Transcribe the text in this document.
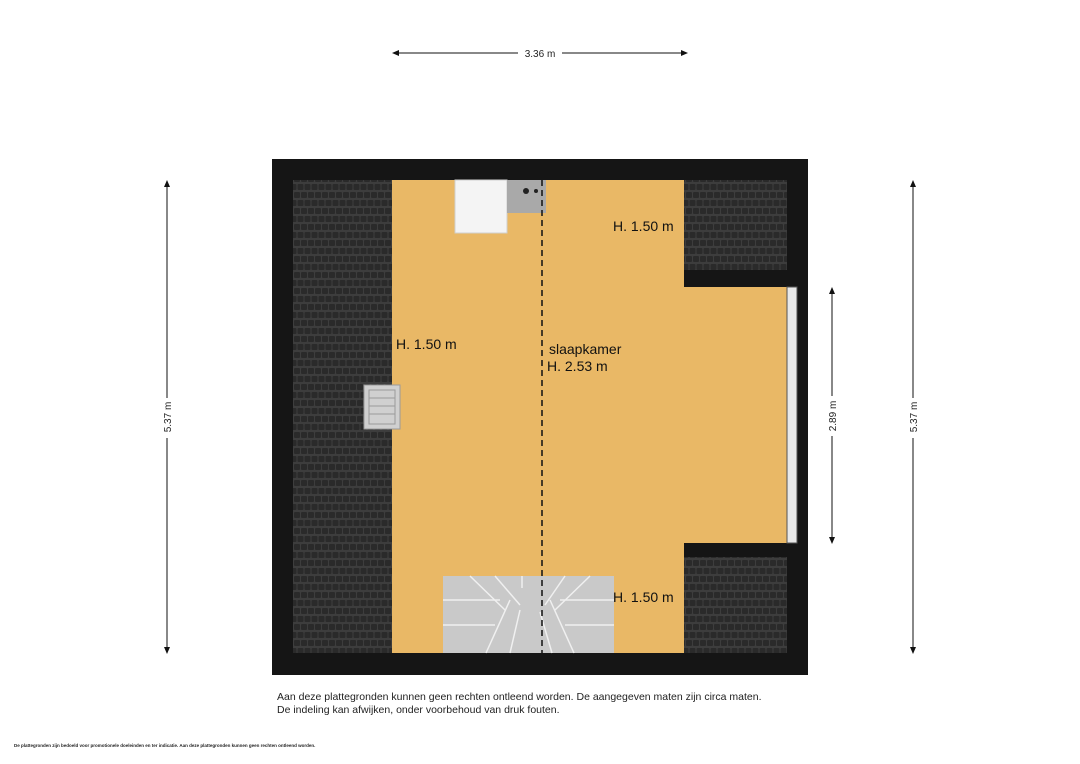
H. 1.50 m
H. 1.50 m	slaapkamer
H. 2.53 m
H. 1.50 m
3.36 m
5.37 m	5.37 m
2.89 m
Aan deze plattegronden kunnen geen rechten ontleend worden. De aangegeven maten zijn circa maten.
De indeling kan afwijken, onder voorbehoud van druk fouten.
De plattegronden zijn bedoeld voor promotionele doeleinden en ter indicatie. Aan deze plattegronden kunnen geen rechten ontleend worden.
